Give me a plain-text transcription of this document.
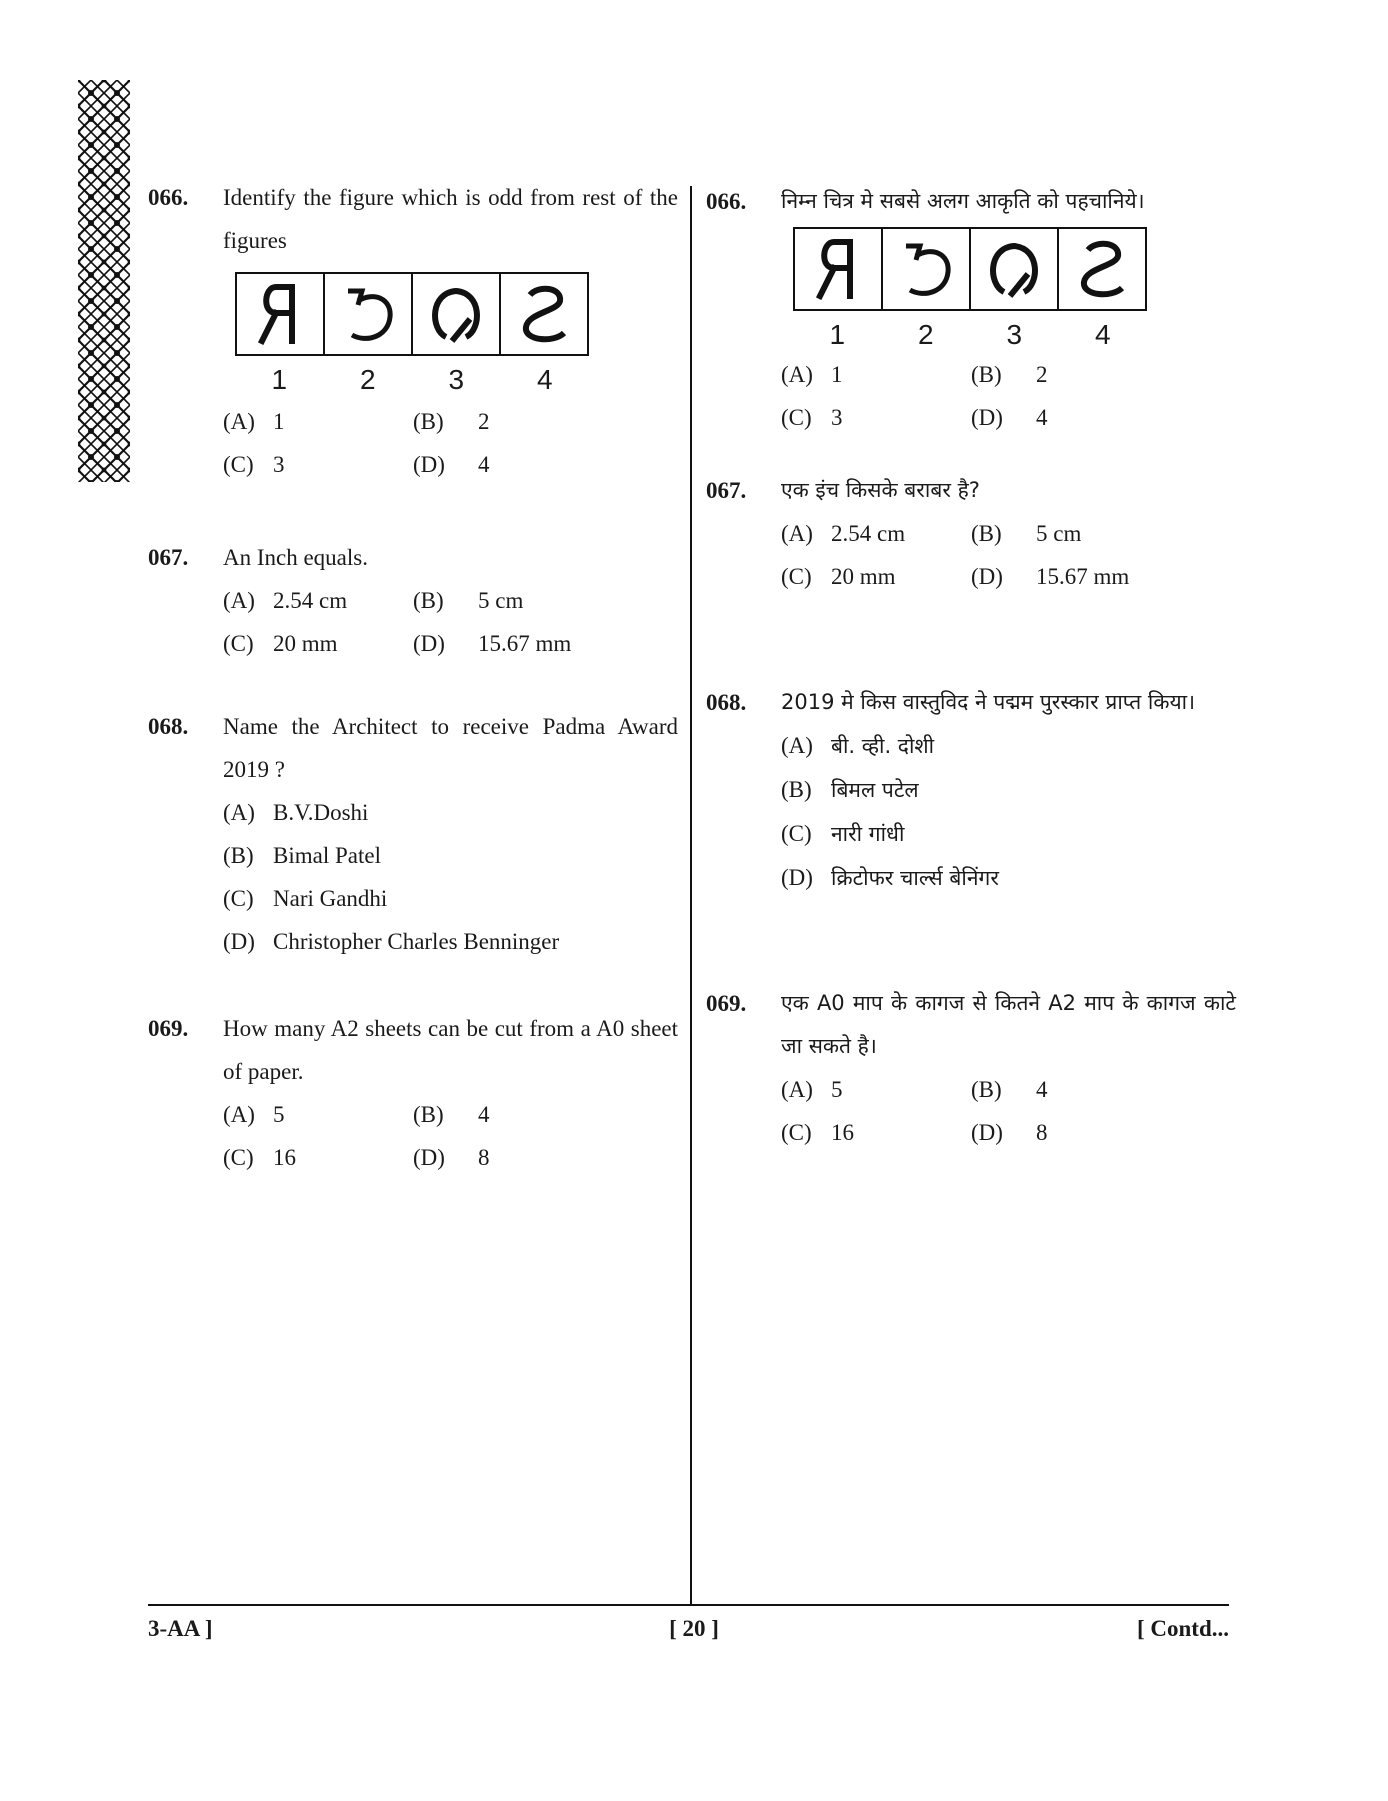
066. Identify the figure which is odd from rest of the figures
1	2	3	4
(A) 1	(B) 2
(C) 3	(D) 4
067. An Inch equals.
(A) 2.54 cm	(B) 5 cm
(C) 20 mm	(D) 15.67 mm
068. Name the Architect to receive Padma Award 2019 ?
(A) B.V.Doshi
(B) Bimal Patel
(C) Nari Gandhi
(D) Christopher Charles Benninger
069. How many A2 sheets can be cut from a A0 sheet of paper.
(A) 5	(B) 4
(C) 16	(D) 8
066. निम्न चित्र मे सबसे अलग आकृति को पहचानिये।
1	2	3	4
(A) 1	(B) 2
(C) 3	(D) 4
067. एक इंच किसके बराबर है?
(A) 2.54 cm	(B) 5 cm
(C) 20 mm	(D) 15.67 mm
068. 2019 मे किस वास्तुविद ने पद्मम पुरस्कार प्राप्त किया।
(A) बी. व्ही. दोशी
(B) बिमल पटेल
(C) नारी गांधी
(D) क्रिटोफर चार्ल्स बेनिंगर
069. एक A0 माप के कागज से कितने A2 माप के कागज काटे जा सकते है।
(A) 5	(B) 4
(C) 16	(D) 8
3-AA ]	[ 20 ]	[ Contd...
